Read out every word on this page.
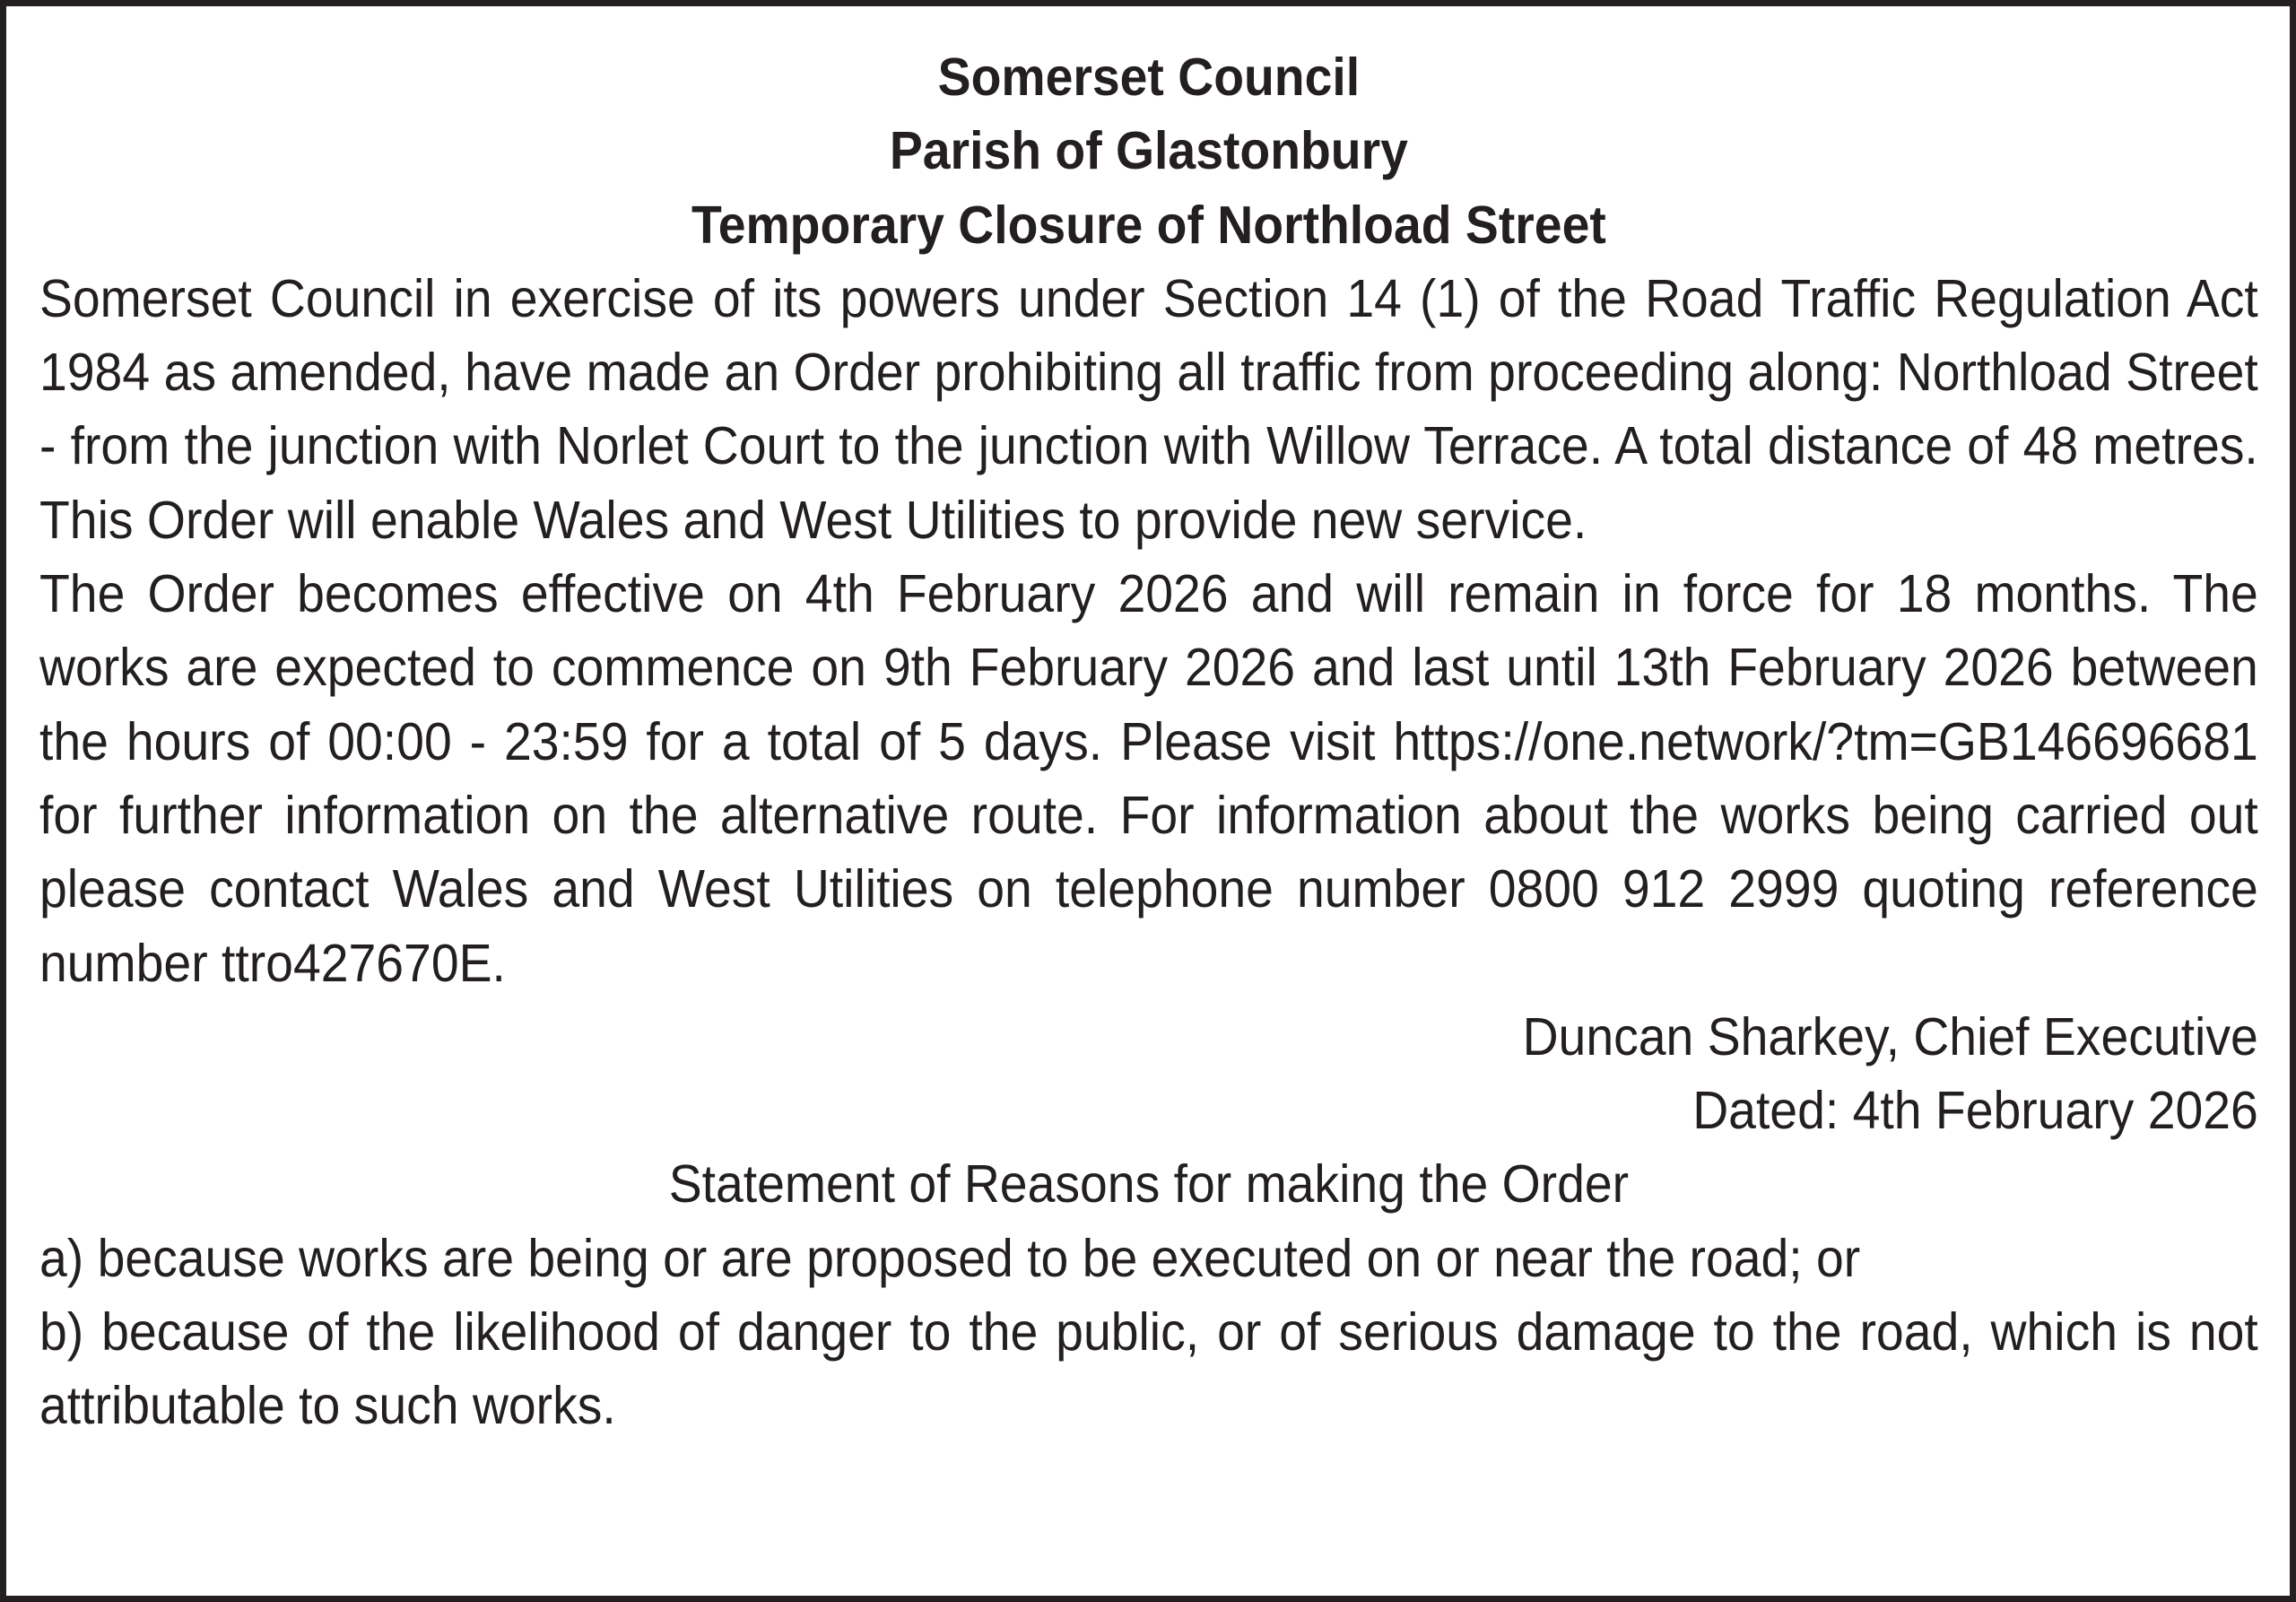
Somerset Council
Parish of Glastonbury
Temporary Closure of Northload Street

Somerset Council in exercise of its powers under Section 14 (1) of the Road Traffic Regulation Act 1984 as amended, have made an Order prohibiting all traffic from proceeding along: Northload Street - from the junction with Norlet Court to the junction with Willow Terrace. A total distance of 48 metres. This Order will enable Wales and West Utilities to provide new service.

The Order becomes effective on 4th February 2026 and will remain in force for 18 months. The works are expected to commence on 9th February 2026 and last until 13th February 2026 between the hours of 00:00 - 23:59 for a total of 5 days. Please visit https://one.network/?tm=GB146696681 for further information on the alternative route. For information about the works being carried out please contact Wales and West Utilities on telephone number 0800 912 2999 quoting reference number ttro427670E.

Duncan Sharkey, Chief Executive
Dated: 4th February 2026
Statement of Reasons for making the Order
a) because works are being or are proposed to be executed on or near the road; or

b) because of the likelihood of danger to the public, or of serious damage to the road, which is not attributable to such works.
